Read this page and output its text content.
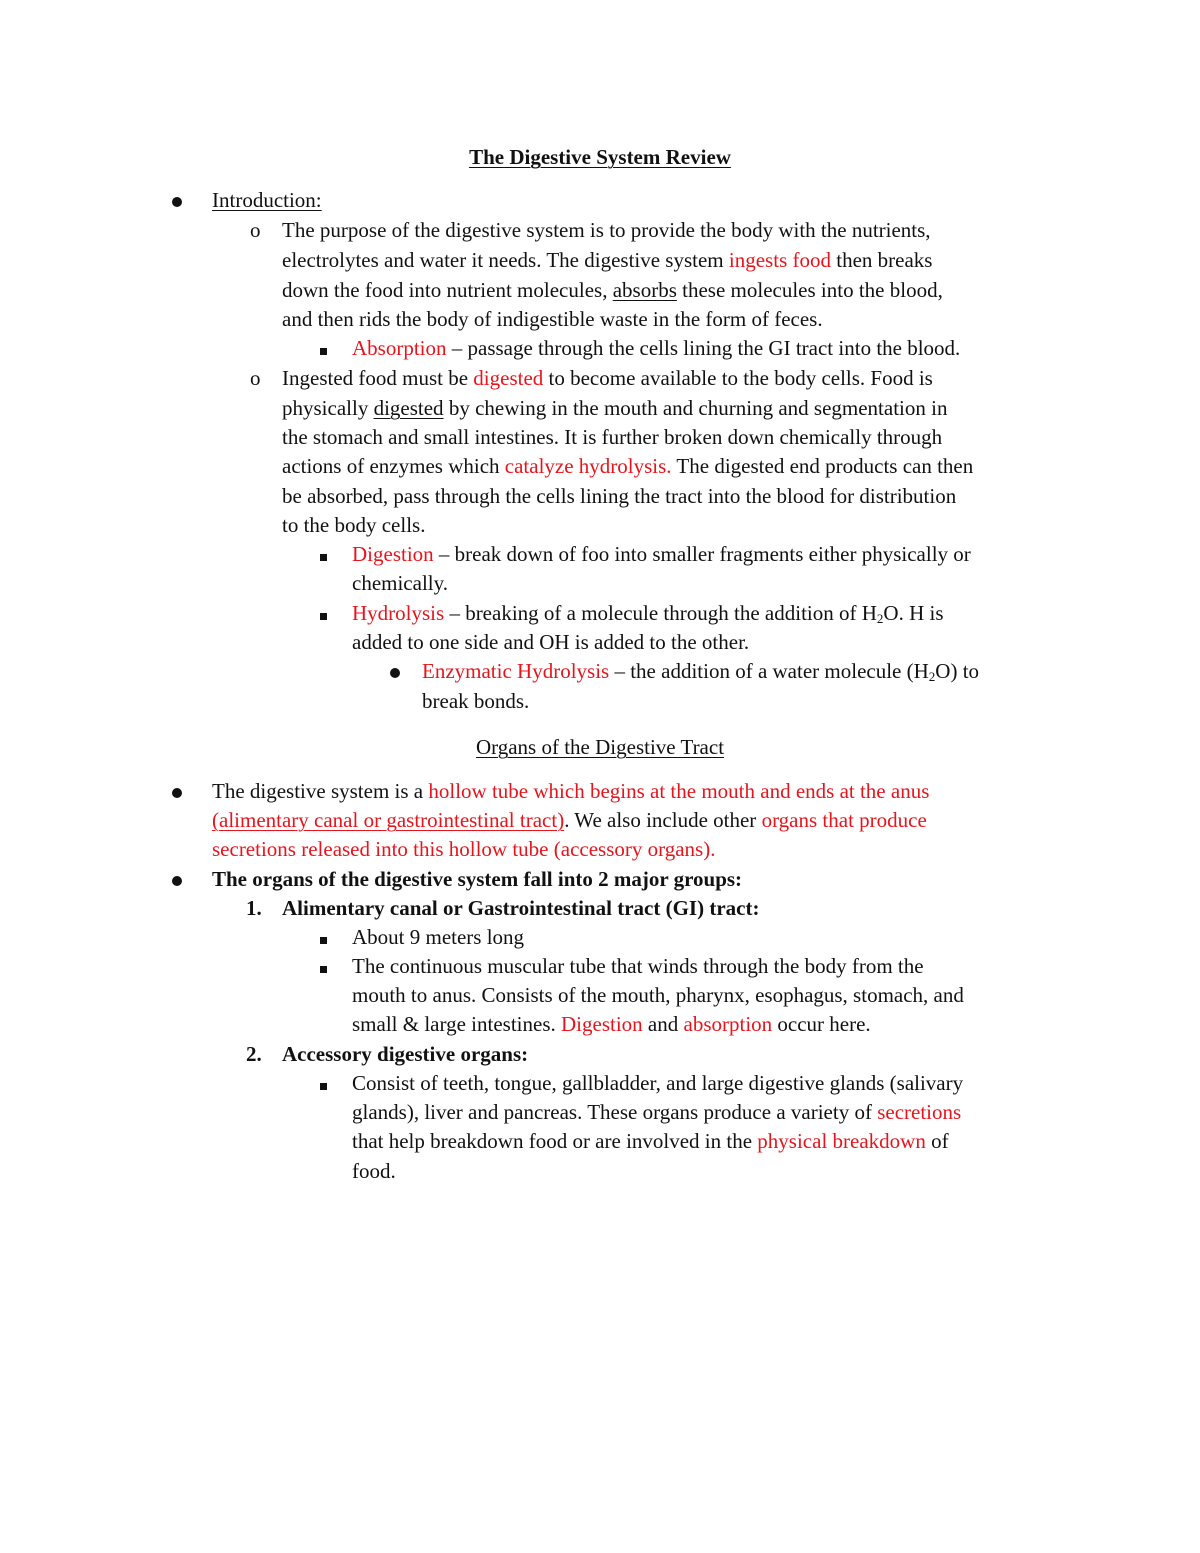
The Digestive System Review
Introduction:
o The purpose of the digestive system is to provide the body with the nutrients,
electrolytes and water it needs. The digestive system ingests food then breaks
down the food into nutrient molecules, absorbs these molecules into the blood,
and then rids the body of indigestible waste in the form of feces.
Absorption – passage through the cells lining the GI tract into the blood.
o Ingested food must be digested to become available to the body cells. Food is
physically digested by chewing in the mouth and churning and segmentation in
the stomach and small intestines. It is further broken down chemically through
actions of enzymes which catalyze hydrolysis. The digested end products can then
be absorbed, pass through the cells lining the tract into the blood for distribution
to the body cells.
Digestion – break down of foo into smaller fragments either physically or
chemically.
Hydrolysis – breaking of a molecule through the addition of $H_2O$. H is
added to one side and OH is added to the other.
Enzymatic Hydrolysis – the addition of a water molecule $(H_2O)$ to
break bonds.
Organs of the Digestive Tract
The digestive system is a hollow tube which begins at the mouth and ends at the anus
(alimentary canal or gastrointestinal tract). We also include other organs that produce
secretions released into this hollow tube (accessory organs).
The organs of the digestive system fall into 2 major groups:
1. Alimentary canal or Gastrointestinal tract (GI) tract:
About 9 meters long
The continuous muscular tube that winds through the body from the
mouth to anus. Consists of the mouth, pharynx, esophagus, stomach, and
small & large intestines. Digestion and absorption occur here.
2. Accessory digestive organs:
Consist of teeth, tongue, gallbladder, and large digestive glands (salivary
glands), liver and pancreas. These organs produce a variety of secretions
that help breakdown food or are involved in the physical breakdown of
food.
